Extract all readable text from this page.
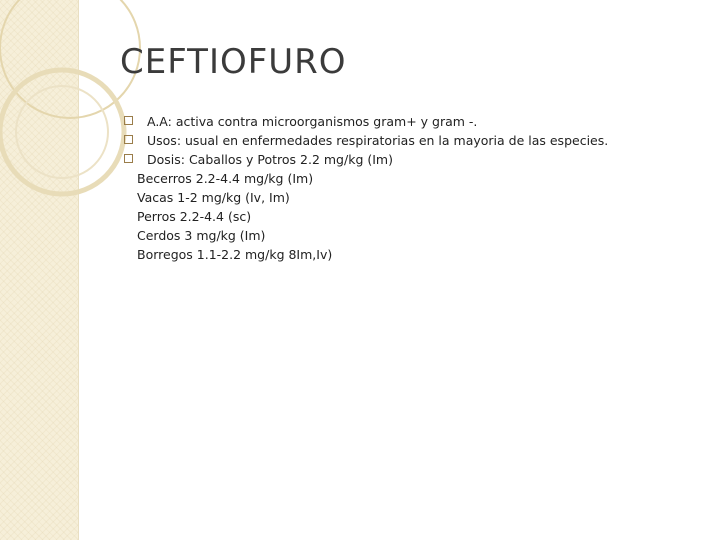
CEFTIOFURO
A.A: activa contra microorganismos gram+ y gram -.
Usos: usual en enfermedades respiratorias en la mayoria de las especies.
Dosis: Caballos y Potros 2.2 mg/kg (Im)
Becerros 2.2-4.4 mg/kg (Im)
Vacas 1-2 mg/kg (Iv, Im)
Perros 2.2-4.4 (sc)
Cerdos 3 mg/kg (Im)
Borregos 1.1-2.2 mg/kg 8Im,Iv)
